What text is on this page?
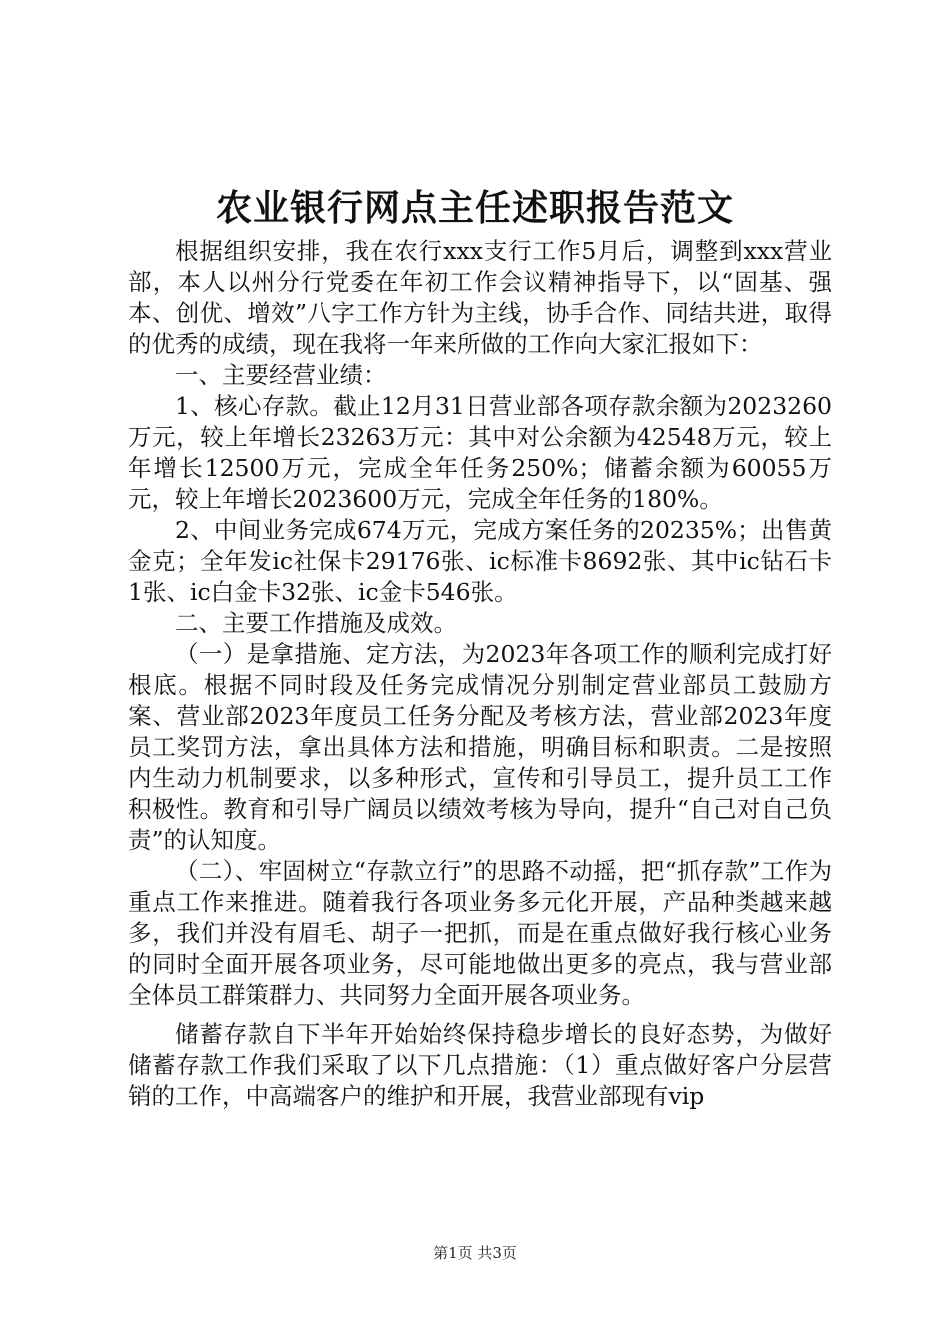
农业银行网点主任述职报告范文

根据组织安排，我在农行xxx支行工作5月后，调整到xxx营业部，本人以州分行党委在年初工作会议精神指导下，以“固基、强本、创优、增效”八字工作方针为主线，协手合作、同结共进，取得的优秀的成绩，现在我将一年来所做的工作向大家汇报如下：

一、主要经营业绩：

1、核心存款。截止12月31日营业部各项存款余额为2023260万元，较上年增长23263万元：其中对公余额为42548万元，较上年增长12500万元，完成全年任务250%；储蓄余额为60055万元，较上年增长2023600万元，完成全年任务的180%。

2、中间业务完成674万元，完成方案任务的20235%；出售黄金克；全年发ic社保卡29176张、ic标准卡8692张、其中ic钻石卡1张、ic白金卡32张、ic金卡546张。

二、主要工作措施及成效。

（一）是拿措施、定方法，为2023年各项工作的顺利完成打好根底。根据不同时段及任务完成情况分别制定营业部员工鼓励方案、营业部2023年度员工任务分配及考核方法，营业部2023年度员工奖罚方法，拿出具体方法和措施，明确目标和职责。二是按照内生动力机制要求，以多种形式，宣传和引导员工，提升员工工作积极性。教育和引导广阔员以绩效考核为导向，提升“自己对自己负责”的认知度。

（二）、牢固树立“存款立行”的思路不动摇，把“抓存款”工作为重点工作来推进。随着我行各项业务多元化开展，产品种类越来越多，我们并没有眉毛、胡子一把抓，而是在重点做好我行核心业务的同时全面开展各项业务，尽可能地做出更多的亮点，我与营业部全体员工群策群力、共同努力全面开展各项业务。

储蓄存款自下半年开始始终保持稳步增长的良好态势，为做好储蓄存款工作我们采取了以下几点措施：（1）重点做好客户分层营销的工作，中高端客户的维护和开展，我营业部现有vip

第1页 共3页
